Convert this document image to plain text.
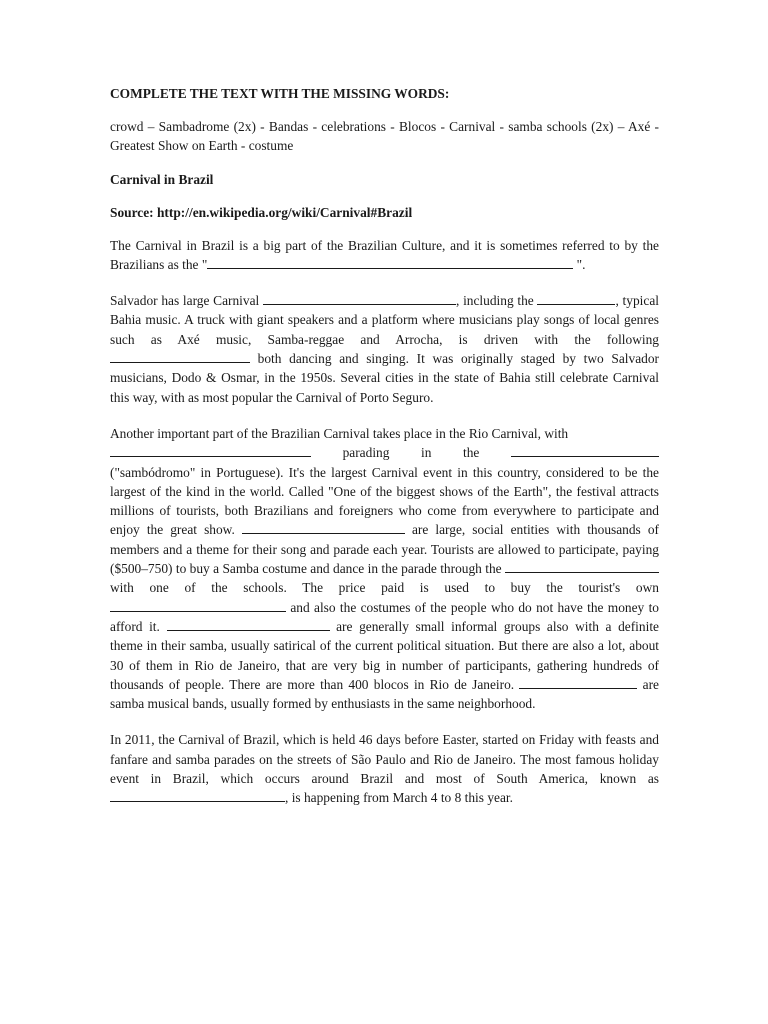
COMPLETE THE TEXT WITH THE MISSING WORDS:

crowd – Sambadrome (2x) - Bandas - celebrations - Blocos - Carnival - samba schools (2x) – Axé - Greatest Show on Earth - costume

Carnival in Brazil

Source: http://en.wikipedia.org/wiki/Carnival#Brazil

The Carnival in Brazil is a big part of the Brazilian Culture, and it is sometimes referred to by the Brazilians as the "	".

Salvador has large Carnival	, including the	, typical Bahia music. A truck with giant speakers and a platform where musicians play songs of local genres such as Axé music, Samba-reggae and Arrocha, is driven with the following  both dancing and singing. It was originally staged by two Salvador musicians, Dodo & Osmar, in the 1950s. Several cities in the state of Bahia still celebrate Carnival this way, with as most popular the Carnival of Porto Seguro.

Another important part of the Brazilian Carnival takes place in the Rio Carnival, with

parading in the

("sambódromo" in Portuguese). It's the largest Carnival event in this country, considered to be the largest of the kind in the world. Called "One of the biggest shows of the Earth", the festival attracts millions of tourists, both Brazilians and foreigners who come from everywhere to participate and enjoy the great show.	are large, social entities with thousands of members and a theme for their song and parade each year. Tourists are allowed to participate, paying ($500–750) to buy a Samba costume and dance in the parade through the  with one of the schools. The price paid is used to buy the tourist's own  and also the costumes of the people who do not have the money to afford it.	are generally small informal groups also with a definite theme in their samba, usually satirical of the current political situation. But there are also a lot, about 30 of them in Rio de Janeiro, that are very big in number of participants, gathering hundreds of thousands of people. There are more than 400 blocos in Rio de Janeiro.	are samba musical bands, usually formed by enthusiasts in the same neighborhood.

In 2011, the Carnival of Brazil, which is held 46 days before Easter, started on Friday with feasts and fanfare and samba parades on the streets of São Paulo and Rio de Janeiro. The most famous holiday event in Brazil, which occurs around Brazil and most of South America, known as , is happening from March 4 to 8 this year.
